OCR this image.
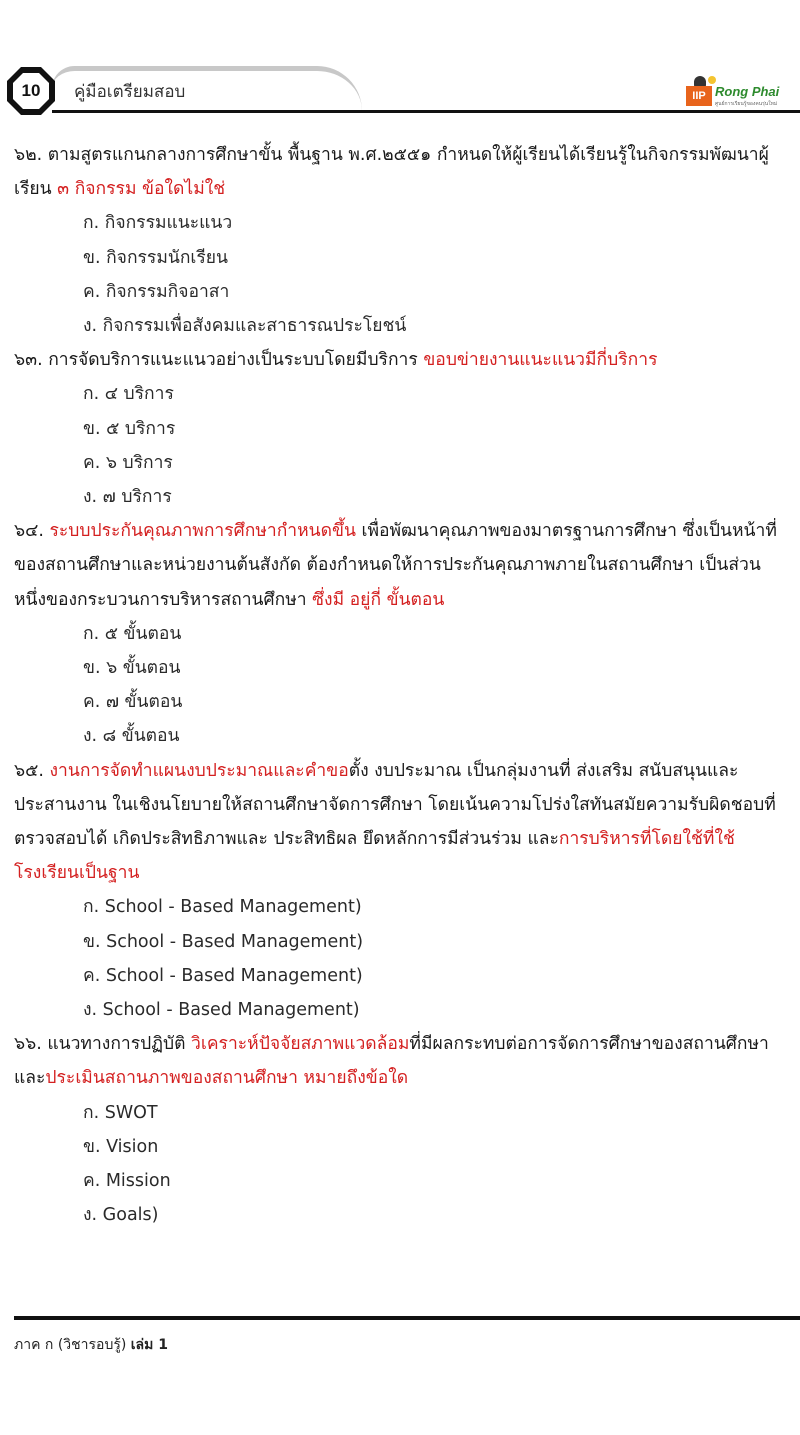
10	คู่มือเตรียมสอบ	IIP Rong Phai
ศูนย์การเรียนรู้ของคนรุ่นใหม่
๖๒. ตามสูตรแกนกลางการศึกษาขั้น พื้นฐาน พ.ศ.๒๕๕๑ กำหนดให้ผู้เรียนได้เรียนรู้ในกิจกรรมพัฒนาผู้เรียน ๓ กิจกรรม ข้อใดไม่ใช่
ก. กิจกรรมแนะแนว
ข. กิจกรรมนักเรียน
ค. กิจกรรมกิจอาสา
ง. กิจกรรมเพื่อสังคมและสาธารณประโยชน์
๖๓. การจัดบริการแนะแนวอย่างเป็นระบบโดยมีบริการ ขอบข่ายงานแนะแนวมีกี่บริการ
ก. ๔ บริการ
ข. ๕ บริการ
ค. ๖ บริการ
ง. ๗ บริการ
๖๔. ระบบประกันคุณภาพการศึกษากำหนดขึ้น เพื่อพัฒนาคุณภาพของมาตรฐานการศึกษา ซึ่งเป็นหน้าที่ของสถานศึกษาและหน่วยงานต้นสังกัด ต้องกำหนดให้การประกันคุณภาพภายในสถานศึกษา เป็นส่วนหนึ่งของกระบวนการบริหารสถานศึกษา ซึ่งมี อยู่กี่ ขั้นตอน
ก. ๕ ขั้นตอน
ข. ๖ ขั้นตอน
ค. ๗ ขั้นตอน
ง. ๘ ขั้นตอน
๖๕. งานการจัดทำแผนงบประมาณและคำขอตั้ง งบประมาณ เป็นกลุ่มงานที่ ส่งเสริม สนับสนุนและประสานงาน ในเชิงนโยบายให้สถานศึกษาจัดการศึกษา โดยเน้นความโปร่งใสทันสมัยความรับผิดชอบที่ตรวจสอบได้ เกิดประสิทธิภาพและ ประสิทธิผล ยึดหลักการมีส่วนร่วม และการบริหารที่โดยใช้ที่ใช้โรงเรียนเป็นฐาน
ก. School - Based Management)
ข. School - Based Management)
ค. School - Based Management)
ง. School - Based Management)
๖๖. แนวทางการปฏิบัติ วิเคราะห์ปัจจัยสภาพแวดล้อมที่มีผลกระทบต่อการจัดการศึกษาของสถานศึกษา และประเมินสถานภาพของสถานศึกษา หมายถึงข้อใด
ก. SWOT
ข. Vision
ค. Mission
ง. Goals)
ภาค ก (วิชารอบรู้) เล่ม 1
